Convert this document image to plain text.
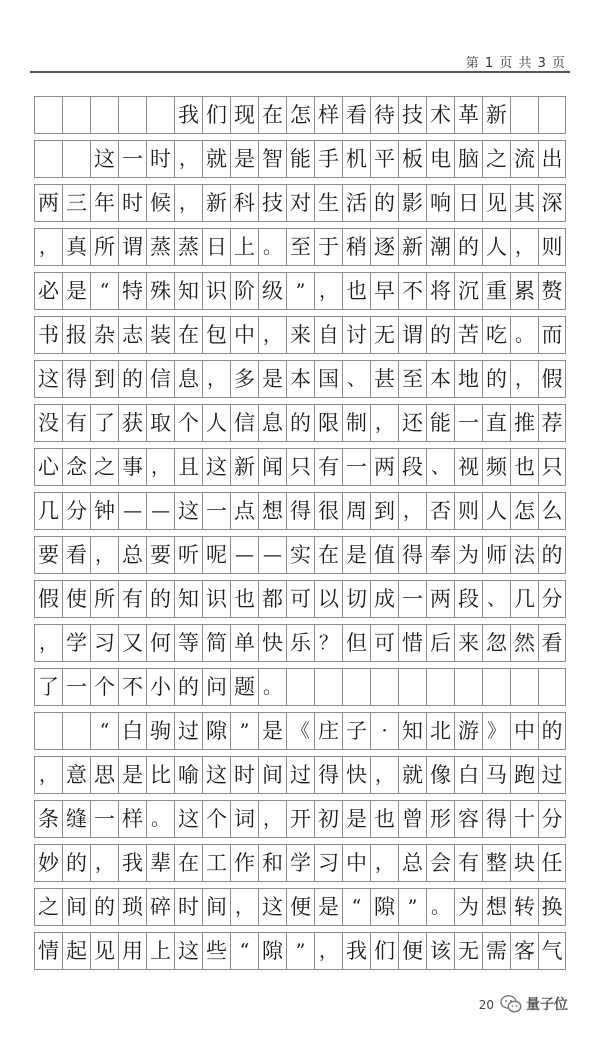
第 1 页 共 3 页
我 们 现 在 怎 样 看 待 技 术 革 新
这 一 时 ， 就 是 智 能 手 机 平 板 电 脑 之 流 出
两 三 年 时 候 ， 新 科 技 对 生 活 的 影 响 日 见 其 深
， 真 所 谓 蒸 蒸 日 上 。 至 于 稍 逐 新 潮 的 人 ， 则
必 是 “ 特 殊 知 识 阶 级 ” ， 也 早 不 将 沉 重 累 赘
书 报 杂 志 装 在 包 中 ， 来 自 讨 无 谓 的 苦 吃 。 而
这 得 到 的 信 息 ， 多 是 本 国 、 甚 至 本 地 的 ， 假
没 有 了 获 取 个 人 信 息 的 限 制 ， 还 能 一 直 推 荐
心 念 之 事 ， 且 这 新 闻 只 有 一 两 段 、 视 频 也 只
几 分 钟 — — 这 一 点 想 得 很 周 到 ， 否 则 人 怎 么
要 看 ， 总 要 听 呢 — — 实 在 是 值 得 奉 为 师 法 的
假 使 所 有 的 知 识 也 都 可 以 切 成 一 两 段 、 几 分
， 学 习 又 何 等 简 单 快 乐 ？ 但 可 惜 后 来 忽 然 看
了 一 个 不 小 的 问 题 。
“ 白 驹 过 隙 ” 是 《 庄 子 · 知 北 游 》 中 的
， 意 思 是 比 喻 这 时 间 过 得 快 ， 就 像 白 马 跑 过
条 缝 一 样 。 这 个 词 ， 开 初 是 也 曾 形 容 得 十 分
妙 的 ， 我 辈 在 工 作 和 学 习 中 ， 总 会 有 整 块 任
之 间 的 琐 碎 时 间 ， 这 便 是 “ 隙 ” 。 为 想 转 换
情 起 见 用 上 这 些 “ 隙 ” ， 我 们 便 该 无 需 客 气
20 量子位
